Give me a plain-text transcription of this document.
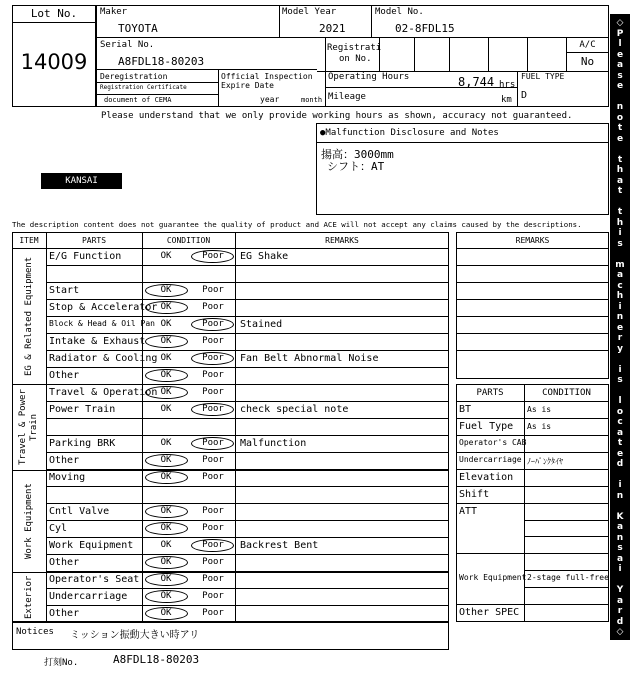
Lot No.
14009
Maker
TOYOTA
Model Year
2021
Model No.
02-8FDL15
Serial No.
A8FDL18-80203
Registrati
on No.
A/C
No
Deregistration
Registration Certificate
document of CEMA
Official Inspection
Expire Date
year	month
Operating Hours	8,744 hrs
Mileage	km
FUEL TYPE
D
Please understand that we only provide working hours as shown, accuracy not guaranteed.
●Malfunction Disclosure and Notes
揚高：3000mm
シフト：AT
KANSAI
The description content does not guarantee the quality of product and ACE will not accept any claims caused by the descriptions.
ITEM	PARTS	CONDITION	REMARKS
EG & Related Equipment
Travel & Power Train
Work Equipment
Exterior
E/G Function	OK	Poor	EG Shake
Start	OK	Poor
Stop & Accelerator OK	Poor
Block & Head & Oil Pan OK	Poor	Stained
Intake & Exhaust	OK	Poor
Radiator & Cooling OK	Poor	Fan Belt Abnormal Noise
Other	OK	Poor
Travel & Operation OK	Poor
Power Train	OK	Poor	check special note
Parking BRK	OK	Poor	Malfunction
Other	OK	Poor
Moving	OK	Poor
Cntl Valve	OK	Poor
Cyl	OK	Poor
Work Equipment	OK	Poor	Backrest Bent
Other	OK	Poor
Operator's Seat	OK	Poor
Undercarriage	OK	Poor
Other	OK	Poor
Notices ミッション振動大きい時アリ
打刻No.	A8FDL18-80203
REMARKS
PARTS	CONDITION
BT	As is
Fuel Type As is
Operator's CAB
Undercarriage ﾉｰﾊﾟﾝｸﾀｲﾔ
Elevation
Shift
ATT
Work Equipment 2-stage full-free
Other SPEC
◇
P
l
e
a
s
e
n
o
t
e
t
h
a
t
t
h
i
s
m
a
c
h
i
n
e
r
y
i
s
l
o
c
a
t
e
d
i
n
K
a
n
s
a
i
Y
a
r
d
◇
